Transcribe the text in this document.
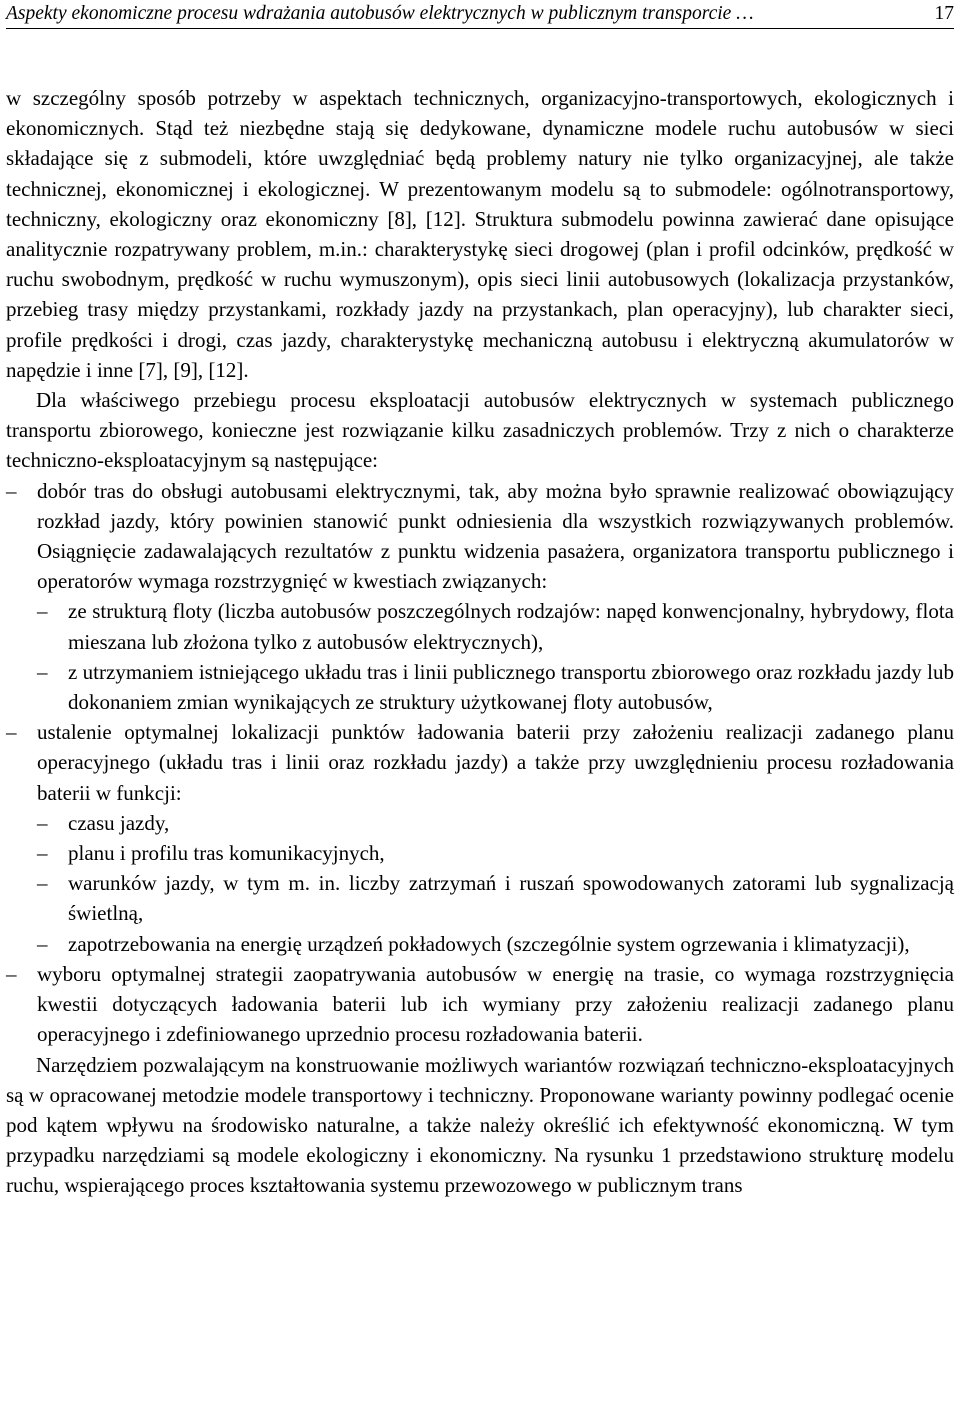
Aspekty ekonomiczne procesu wdrażania autobusów elektrycznych w publicznym transporcie …	17

w szczególny sposób potrzeby w aspektach technicznych, organizacyjno-transportowych, ekologicznych i ekonomicznych. Stąd też niezbędne stają się dedykowane, dynamiczne modele ruchu autobusów w sieci składające się z submodeli, które uwzględniać będą problemy natury nie tylko organizacyjnej, ale także technicznej, ekonomicznej i ekologicznej. W prezentowanym modelu są to submodele: ogólnotransportowy, techniczny, ekologiczny oraz ekonomiczny [8], [12]. Struktura submodelu powinna zawierać dane opisujące analitycznie rozpatrywany problem, m.in.: charakterystykę sieci drogowej (plan i profil odcinków, prędkość w ruchu swobodnym, prędkość w ruchu wymuszonym), opis sieci linii autobusowych (lokalizacja przystanków, przebieg trasy między przystankami, rozkłady jazdy na przystankach, plan operacyjny), lub charakter sieci, profile prędkości i drogi, czas jazdy, charakterystykę mechaniczną autobusu i elektryczną akumulatorów w napędzie i inne [7], [9], [12].

Dla właściwego przebiegu procesu eksploatacji autobusów elektrycznych w systemach publicznego transportu zbiorowego, konieczne jest rozwiązanie kilku zasadniczych problemów. Trzy z nich o charakterze techniczno-eksploatacyjnym są następujące:

– dobór tras do obsługi autobusami elektrycznymi, tak, aby można było sprawnie realizować obowiązujący rozkład jazdy, który powinien stanowić punkt odniesienia dla wszystkich rozwiązywanych problemów. Osiągnięcie zadawalających rezultatów z punktu widzenia pasażera, organizatora transportu publicznego i operatorów wymaga rozstrzygnięć w kwestiach związanych:
– ze strukturą floty (liczba autobusów poszczególnych rodzajów: napęd konwencjonalny, hybrydowy, flota mieszana lub złożona tylko z autobusów elektrycznych),
– z utrzymaniem istniejącego układu tras i linii publicznego transportu zbiorowego oraz rozkładu jazdy lub dokonaniem zmian wynikających ze struktury użytkowanej floty autobusów,
– ustalenie optymalnej lokalizacji punktów ładowania baterii przy założeniu realizacji zadanego planu operacyjnego (układu tras i linii oraz rozkładu jazdy) a także przy uwzględnieniu procesu rozładowania baterii w funkcji:
– czasu jazdy,
– planu i profilu tras komunikacyjnych,
– warunków jazdy, w tym m. in. liczby zatrzymań i ruszań spowodowanych zatorami lub sygnalizacją świetlną,
– zapotrzebowania na energię urządzeń pokładowych (szczególnie system ogrzewania i klimatyzacji),
– wyboru optymalnej strategii zaopatrywania autobusów w energię na trasie, co wymaga rozstrzygnięcia kwestii dotyczących ładowania baterii lub ich wymiany przy założeniu realizacji zadanego planu operacyjnego i zdefiniowanego uprzednio procesu rozładowania baterii.

Narzędziem pozwalającym na konstruowanie możliwych wariantów rozwiązań techniczno-eksploatacyjnych są w opracowanej metodzie modele transportowy i techniczny. Proponowane warianty powinny podlegać ocenie pod kątem wpływu na środowisko naturalne, a także należy określić ich efektywność ekonomiczną. W tym przypadku narzędziami są modele ekologiczny i ekonomiczny. Na rysunku 1 przedstawiono strukturę modelu ruchu, wspierającego proces kształtowania systemu przewozowego w publicznym trans
